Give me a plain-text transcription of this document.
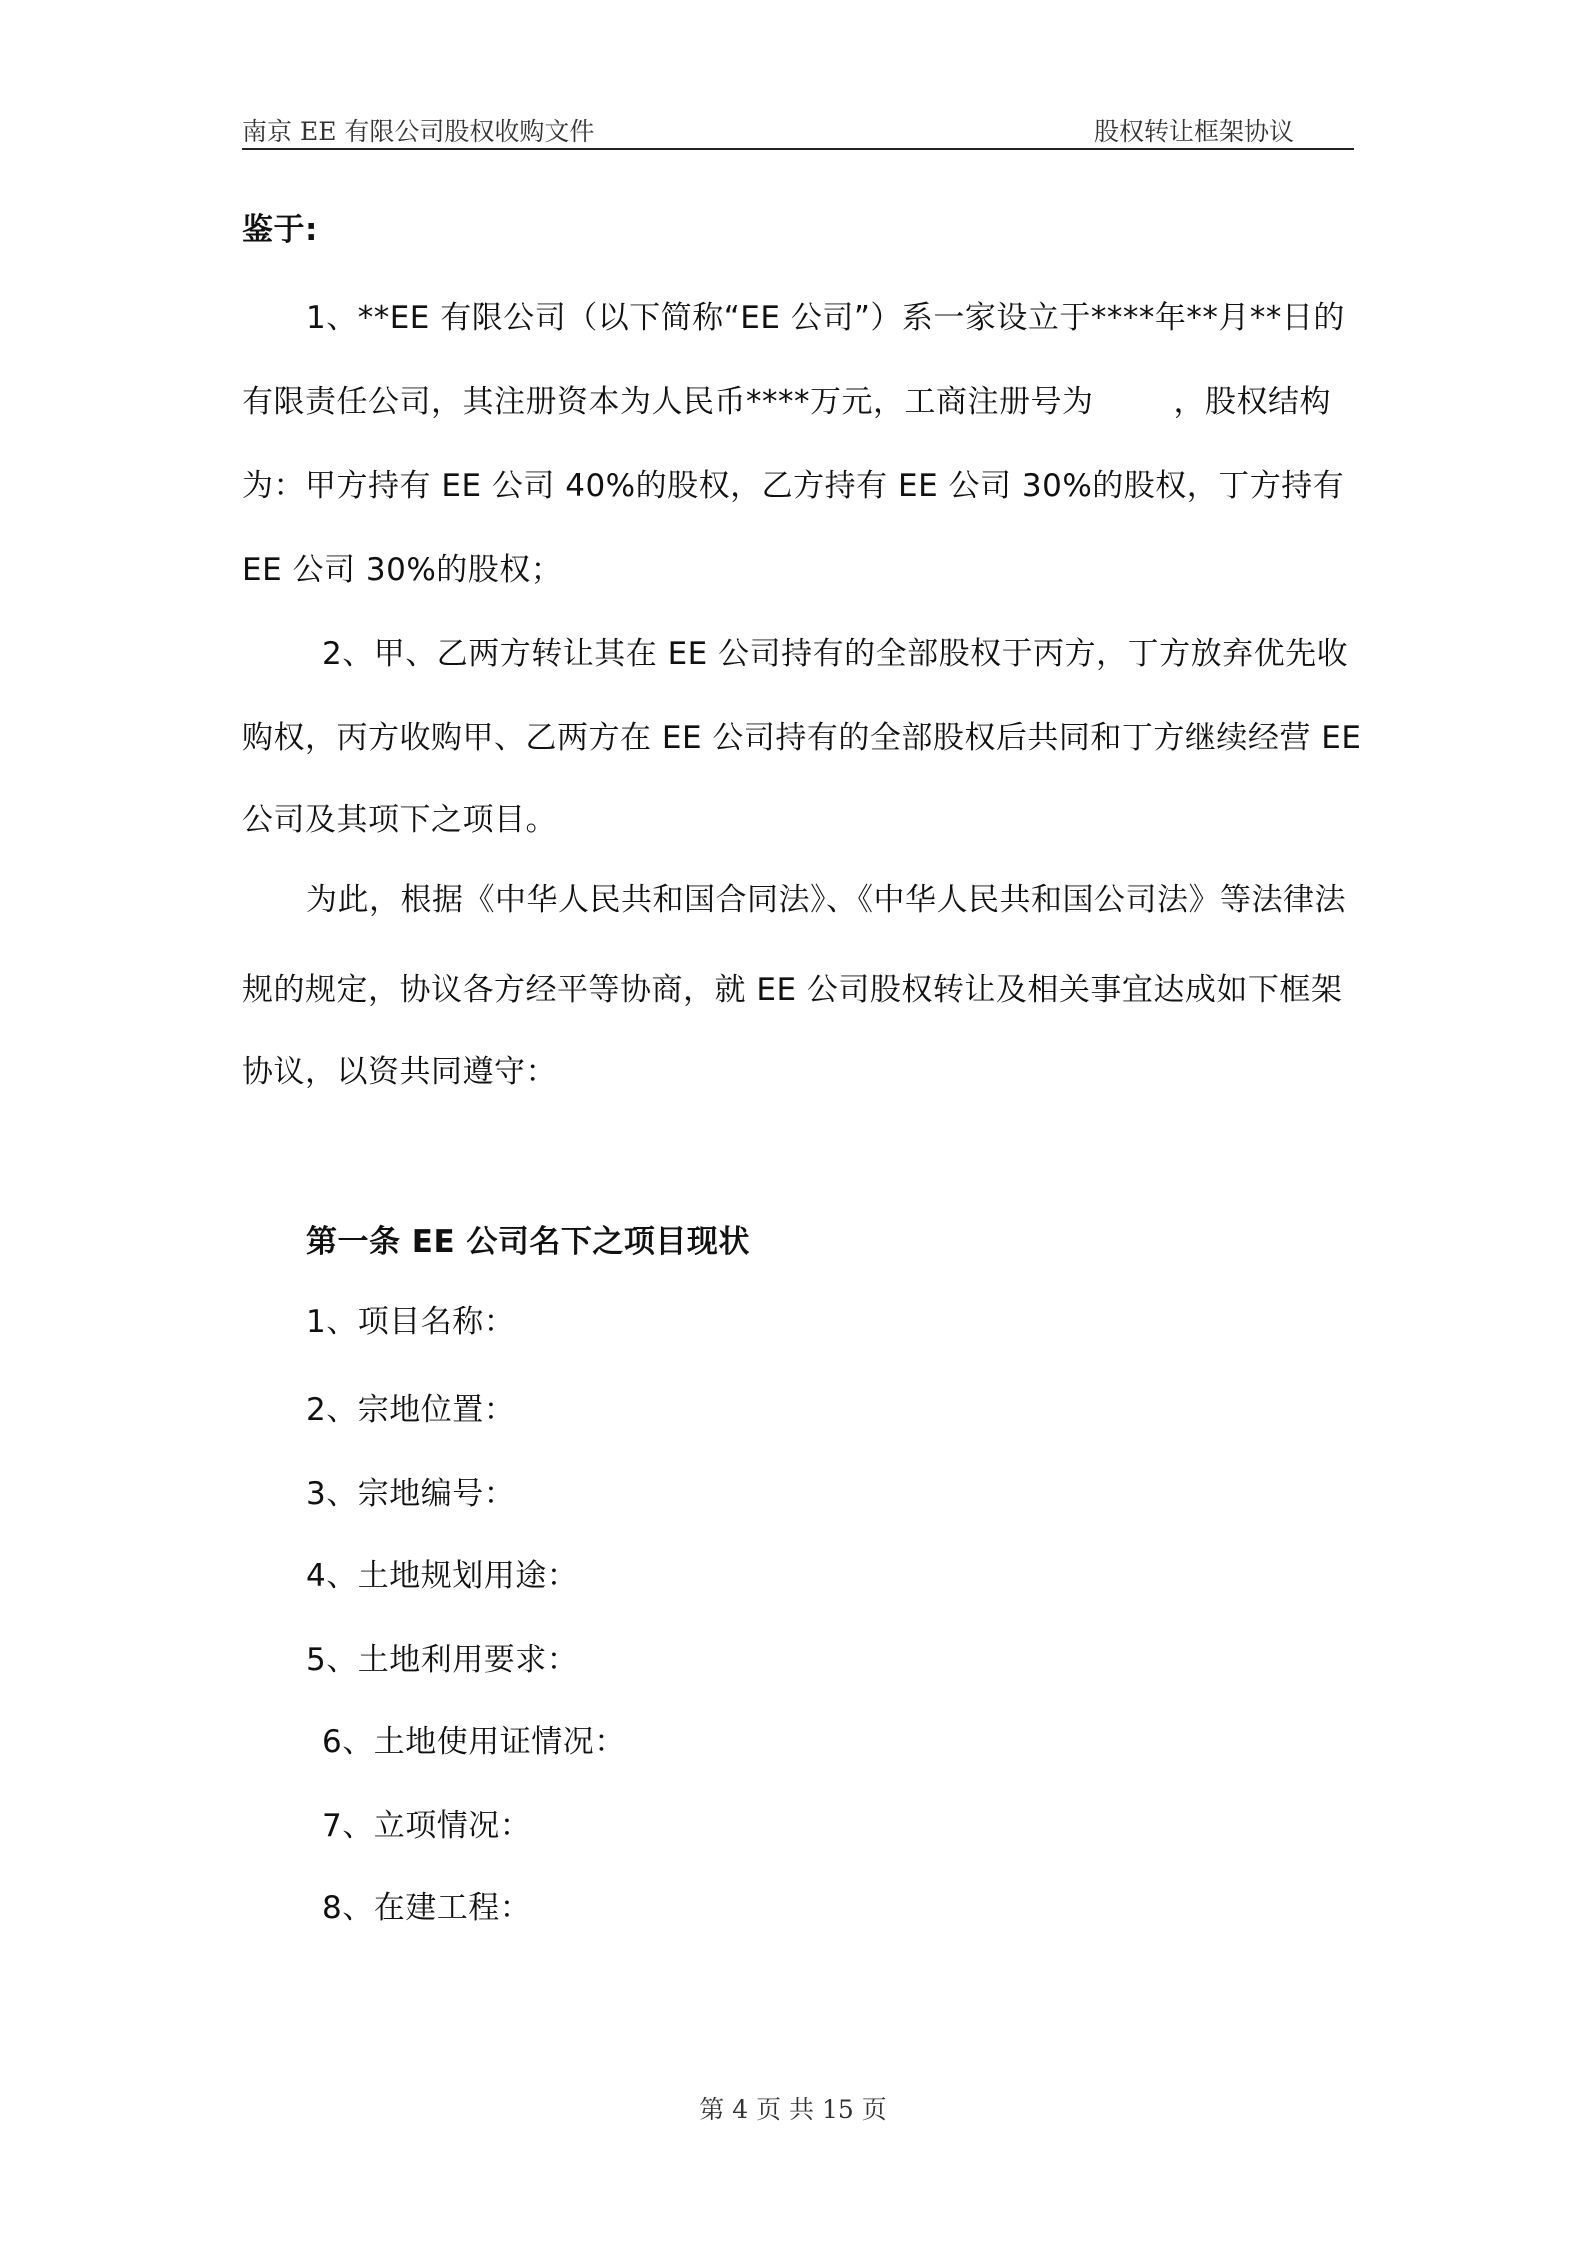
南京 EE 有限公司股权收购文件	股权转让框架协议
鉴于:
1、**EE 有限公司（以下简称“EE 公司”）系一家设立于****年**月**日的
有限责任公司，其注册资本为人民币****万元，工商注册号为	，股权结构
为：甲方持有 EE 公司 40%的股权，乙方持有 EE 公司 30%的股权，丁方持有
EE 公司 30%的股权；
2、甲、乙两方转让其在 EE 公司持有的全部股权于丙方，丁方放弃优先收
购权，丙方收购甲、乙两方在 EE 公司持有的全部股权后共同和丁方继续经营 EE
公司及其项下之项目。
为此，根据《中华人民共和国合同法》、《中华人民共和国公司法》等法律法
规的规定，协议各方经平等协商，就 EE 公司股权转让及相关事宜达成如下框架
协议，以资共同遵守：
第一条 EE 公司名下之项目现状
1、项目名称：
2、宗地位置：
3、宗地编号：
4、土地规划用途：
5、土地利用要求：
6、土地使用证情况：
7、立项情况：
8、在建工程：
第 4 页 共 15 页
